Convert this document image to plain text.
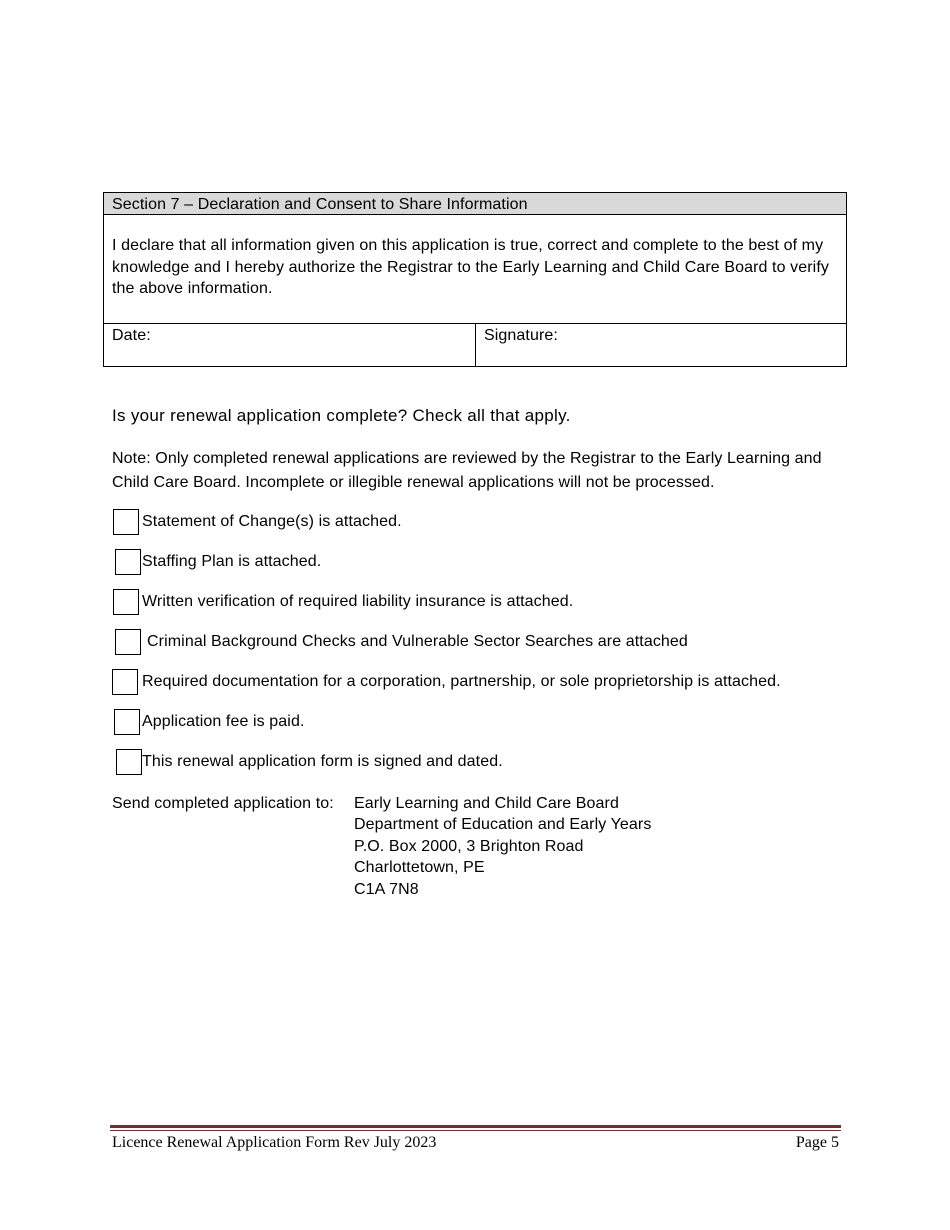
Section 7 – Declaration and Consent to Share Information
I declare that all information given on this application is true, correct and complete to the best of my knowledge and I hereby authorize the Registrar to the Early Learning and Child Care Board to verify the above information.
Date:	Signature:
Is your renewal application complete? Check all that apply.
Note: Only completed renewal applications are reviewed by the Registrar to the Early Learning and Child Care Board. Incomplete or illegible renewal applications will not be processed.
Statement of Change(s) is attached.
Staffing Plan is attached.
Written verification of required liability insurance is attached.
Criminal Background Checks and Vulnerable Sector Searches are attached
Required documentation for a corporation, partnership, or sole proprietorship is attached.
Application fee is paid.
This renewal application form is signed and dated.
Send completed application to: Early Learning and Child Care Board
Department of Education and Early Years
P.O. Box 2000, 3 Brighton Road
Charlottetown, PE
C1A 7N8
Licence Renewal Application Form Rev July 2023	Page 5
